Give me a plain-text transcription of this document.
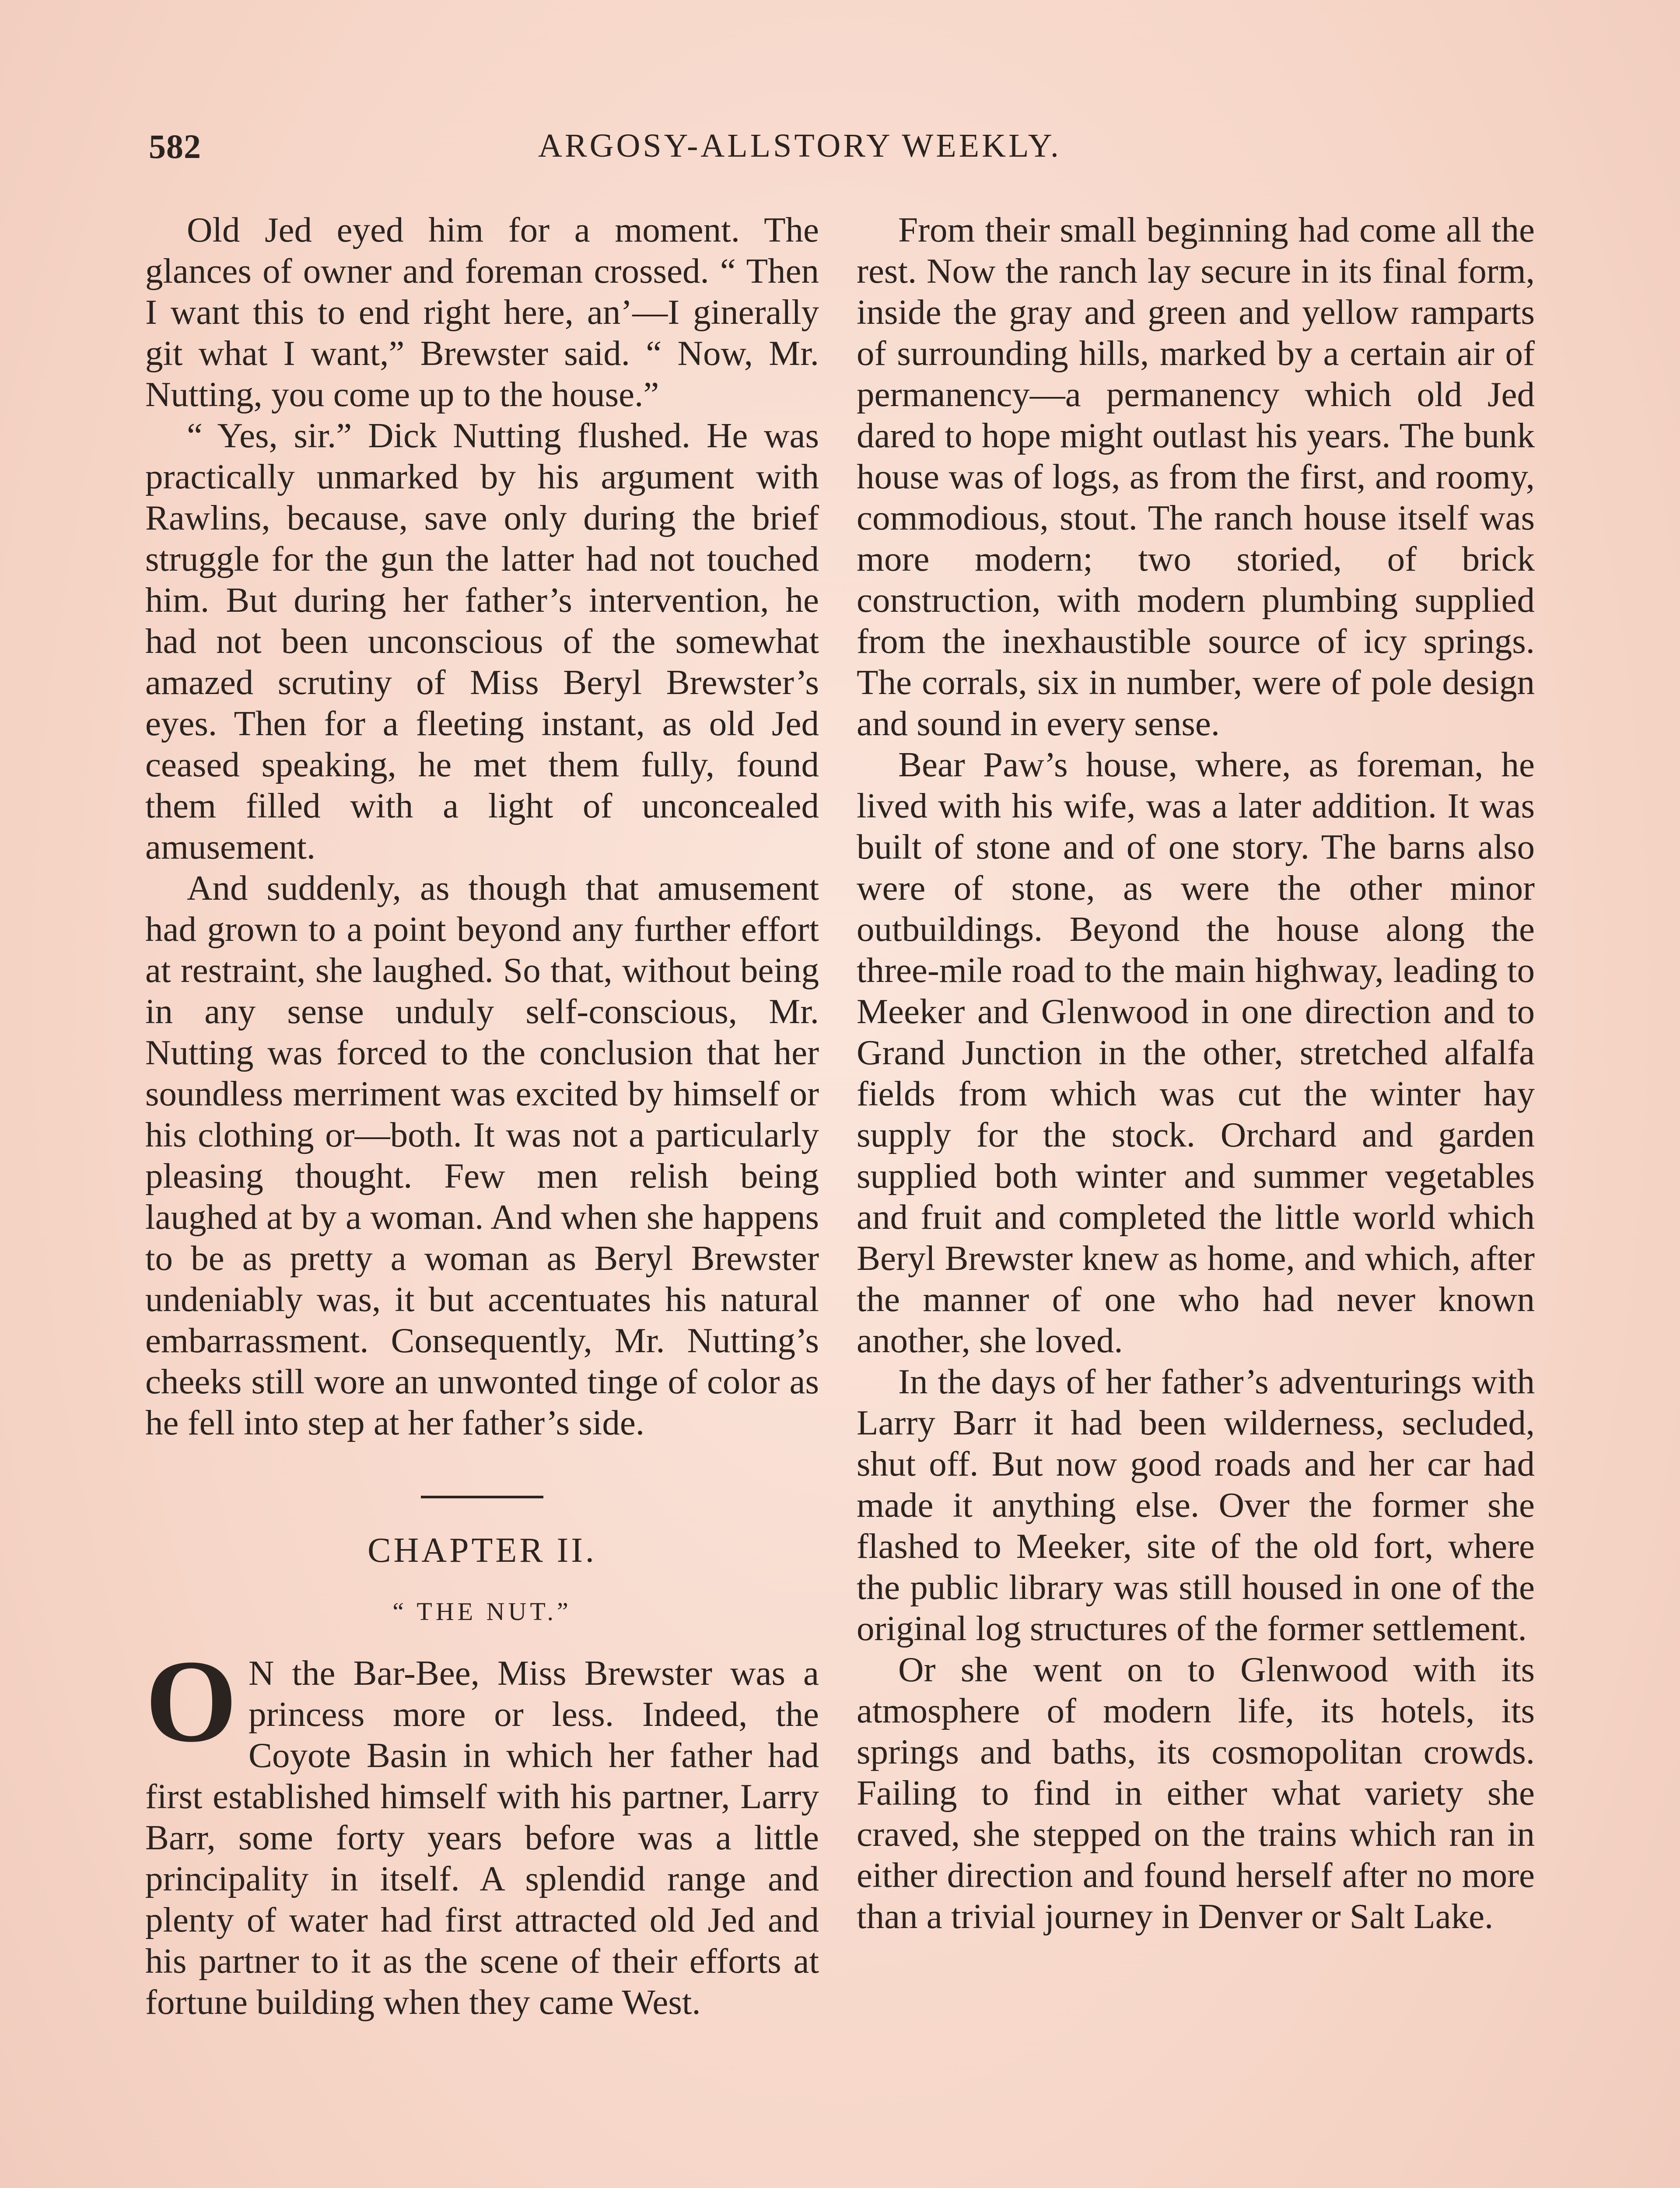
582	ARGOSY-ALLSTORY WEEKLY.

Old Jed eyed him for a moment. The glances of owner and foreman crossed. “ Then I want this to end right here, an’—I ginerally git what I want,” Brewster said. “ Now, Mr. Nutting, you come up to the house.”

“ Yes, sir.” Dick Nutting flushed. He was practically unmarked by his argument with Rawlins, because, save only during the brief struggle for the gun the latter had not touched him. But during her father’s intervention, he had not been unconscious of the somewhat amazed scrutiny of Miss Beryl Brewster’s eyes. Then for a fleeting instant, as old Jed ceased speaking, he met them fully, found them filled with a light of unconcealed amusement.

And suddenly, as though that amusement had grown to a point beyond any further effort at restraint, she laughed. So that, without being in any sense unduly self-conscious, Mr. Nutting was forced to the conclusion that her soundless merriment was excited by himself or his clothing or—both. It was not a particularly pleasing thought. Few men relish being laughed at by a woman. And when she happens to be as pretty a woman as Beryl Brewster undeniably was, it but accentuates his natural embarrassment. Consequently, Mr. Nutting’s cheeks still wore an unwonted tinge of color as he fell into step at her father’s side.

CHAPTER II.

“ THE NUT.”

O N the Bar-Bee, Miss Brewster was a princess more or less. Indeed, the Coyote Basin in which her father had first established himself with his partner, Larry Barr, some forty years before was a little principality in itself. A splendid range and plenty of water had first attracted old Jed and his partner to it as the scene of their efforts at fortune building when they came West.

From their small beginning had come all the rest. Now the ranch lay secure in its final form, inside the gray and green and yellow ramparts of surrounding hills, marked by a certain air of permanency—a permanency which old Jed dared to hope might outlast his years. The bunk house was of logs, as from the first, and roomy, commodious, stout. The ranch house itself was more modern; two storied, of brick construction, with modern plumbing supplied from the inexhaustible source of icy springs. The corrals, six in number, were of pole design and sound in every sense.

Bear Paw’s house, where, as foreman, he lived with his wife, was a later addition. It was built of stone and of one story. The barns also were of stone, as were the other minor outbuildings. Beyond the house along the three-mile road to the main highway, leading to Meeker and Glenwood in one direction and to Grand Junction in the other, stretched alfalfa fields from which was cut the winter hay supply for the stock. Orchard and garden supplied both winter and summer vegetables and fruit and completed the little world which Beryl Brewster knew as home, and which, after the manner of one who had never known another, she loved.

In the days of her father’s adventurings with Larry Barr it had been wilderness, secluded, shut off. But now good roads and her car had made it anything else. Over the former she flashed to Meeker, site of the old fort, where the public library was still housed in one of the original log structures of the former settlement.

Or she went on to Glenwood with its atmosphere of modern life, its hotels, its springs and baths, its cosmopolitan crowds. Failing to find in either what variety she craved, she stepped on the trains which ran in either direction and found herself after no more than a trivial journey in Denver or Salt Lake.
